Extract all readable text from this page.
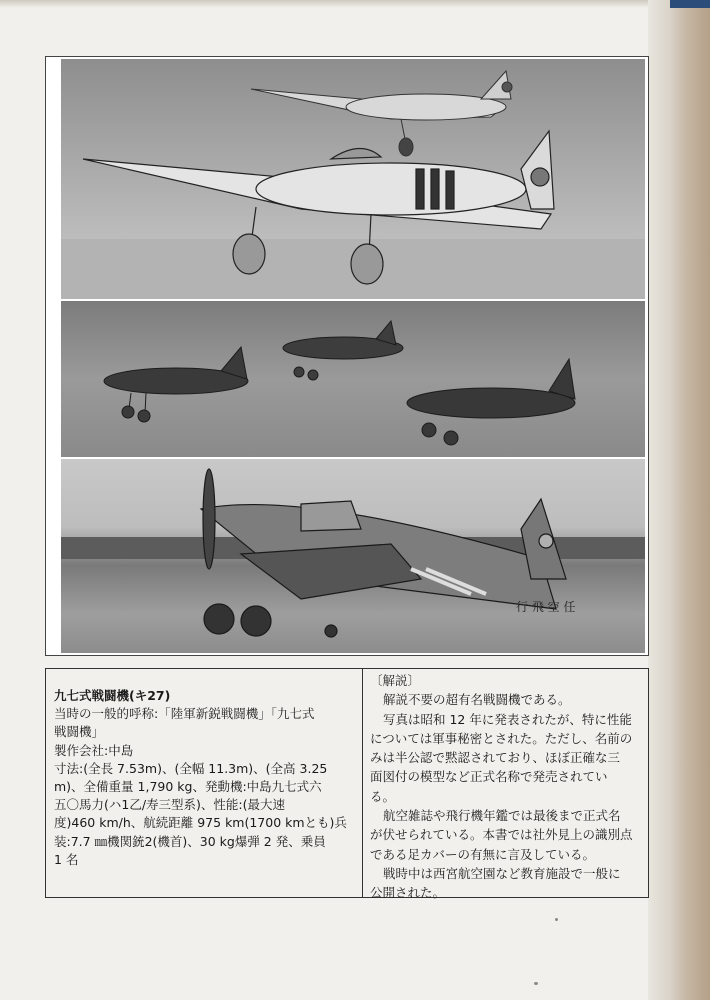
行 飛 空 任

九七式戦闘機(キ27)

当時の一般的呼称:「陸軍新鋭戦闘機」「九七式

戦闘機」

製作会社:中島

寸法:(全長 7.53m)、(全幅 11.3m)、(全高 3.25

m)、全備重量 1,790 kg、発動機:中島九七式六

五〇馬力(ハ1乙/寿三型系)、性能:(最大速

度)460 km/h、航続距離 975 km(1700 kmとも)兵

装:7.7 ㎜機関銃2(機首)、30 kg爆弾 2 発、乗員

1 名

〔解説〕

解説不要の超有名戦闘機である。

写真は昭和 12 年に発表されたが、特に性能

については軍事秘密とされた。ただし、名前の

みは半公認で黙認されており、ほぼ正確な三

面図付の模型など正式名称で発売されてい

る。

航空雑誌や飛行機年鑑では最後まで正式名

が伏せられている。本書では社外見上の識別点

である足カバーの有無に言及している。

戦時中は西宮航空園など教育施設で一般に

公開された。
